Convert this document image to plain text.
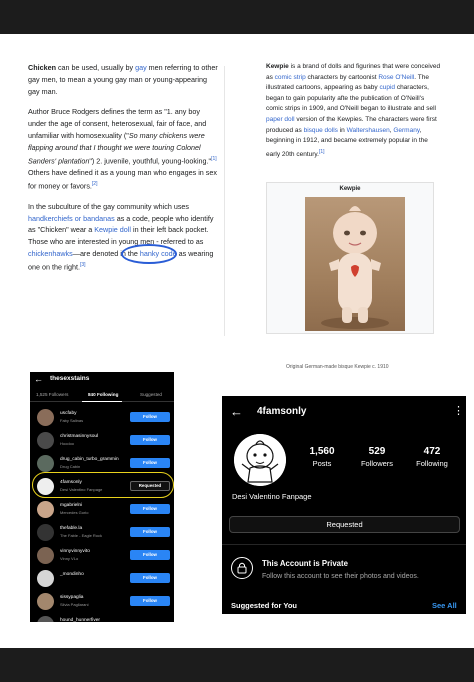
Chicken can be used, usually by gay men referring to other gay men, to mean a young gay man or young-appearing gay man.

Author Bruce Rodgers defines the term as "1. any boy under the age of consent, heterosexual, fair of face, and unfamiliar with homosexuality ("So many chickens were flapping around that I thought we were touring Colonel Sanders' plantation") 2. juvenile, youthful, young-looking."[1] Others have defined it as a young man who engages in sex for money or favors.[2]

In the subculture of the gay community which uses handkerchiefs or bandanas as a code, people who identify as "Chicken" wear a Kewpie doll in their left back pocket. Those who are interested in young men - referred to as chickenhawks—are denoted in the hanky code as wearing one on the right.[3]

Kewpie is a brand of dolls and figurines that were conceived as comic strip characters by cartoonist Rose O'Neill. The illustrated cartoons, appearing as baby cupid characters, began to gain popularity afte the publication of O'Neill's comic strips in 1909, and O'Neill began to illustrate and sell paper doll version of the Kewpies. The characters were first produced as bisque dolls in Waltershausen, Germany, beginning in 1912, and became extremely popular in the early 20th century.[1]
Kewpie
Original German-made bisque Kewpie c. 1910
← thesexstains
1,525 Followers	840 Following	Suggested
uscfaby
Faby Salinas
Follow
christmasinnysoul
Hoodoo
Follow
drug_cabin_turbo_grammin
Drug Cabin
Follow
4famsonly
Desi Valentino Fanpage
Requested
mgabrielni
Mercedes Gorio
Follow
thefable.la
The Fable - Eagle Rock
Follow
vinnyvinnyvito
Vinny VLo
Follow
_mondinho
Follow
sissypaglia
Silvia Pagliarani
Follow
hound_hunnerfiver
← 4famsonly	⋮
1,560
Posts
529
Followers
472
Following
Desi Valentino Fanpage
Requested
This Account is Private
Follow this account to see their photos and videos.
Suggested for You	See All
